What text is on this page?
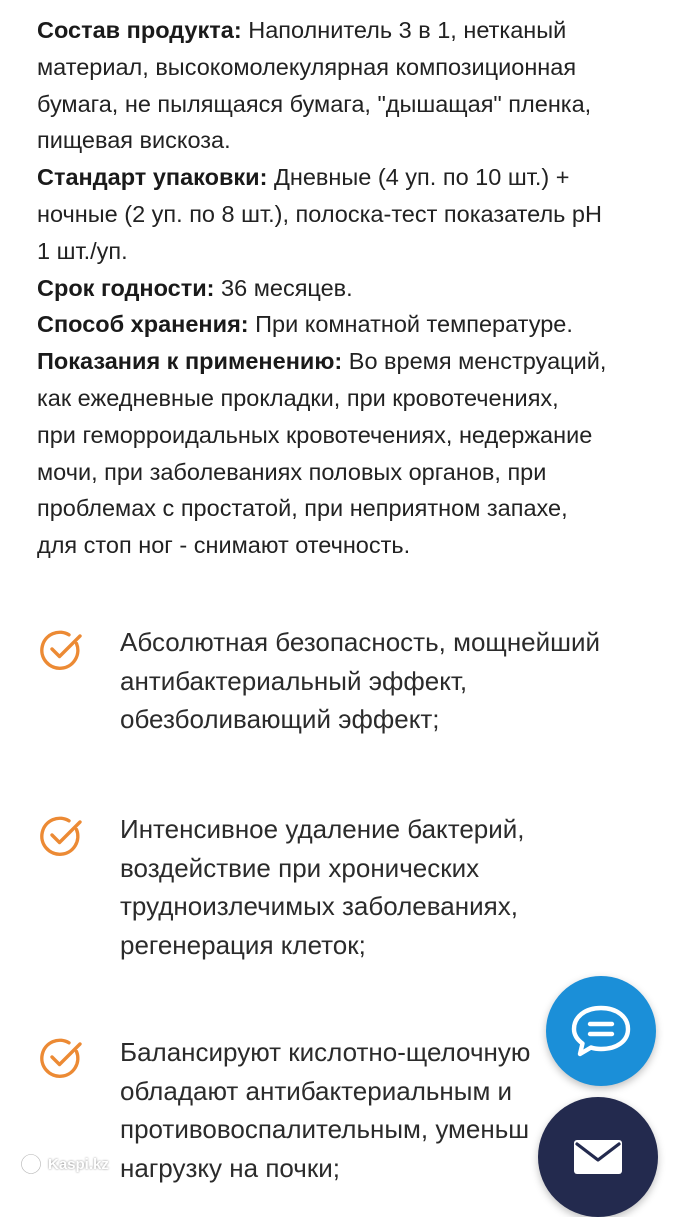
Состав продукта: Наполнитель 3 в 1, нетканый
материал, высокомолекулярная композиционная
бумага, не пылящаяся бумага, "дышащая" пленка,
пищевая вискоза.

Стандарт упаковки: Дневные (4 уп. по 10 шт.) +
ночные (2 уп. по 8 шт.), полоска-тест показатель pH
1 шт./уп.

Срок годности: 36 месяцев.

Способ хранения: При комнатной температуре.

Показания к применению: Во время менструаций,
как ежедневные прокладки, при кровотечениях,
при геморроидальных кровотечениях, недержание
мочи, при заболеваниях половых органов, при
проблемах с простатой, при неприятном запахе,
для стоп ног - снимают отечность.

Абсолютная безопасность, мощнейший
антибактериальный эффект,
обезболивающий эффект;
Интенсивное удаление бактерий,
воздействие при хронических
трудноизлечимых заболеваниях,
регенерация клеток;
Балансируют кислотно-щелочную
обладают антибактериальным и
противовоспалительным, уменьш
нагрузку на почки;
Kaspi.kz
